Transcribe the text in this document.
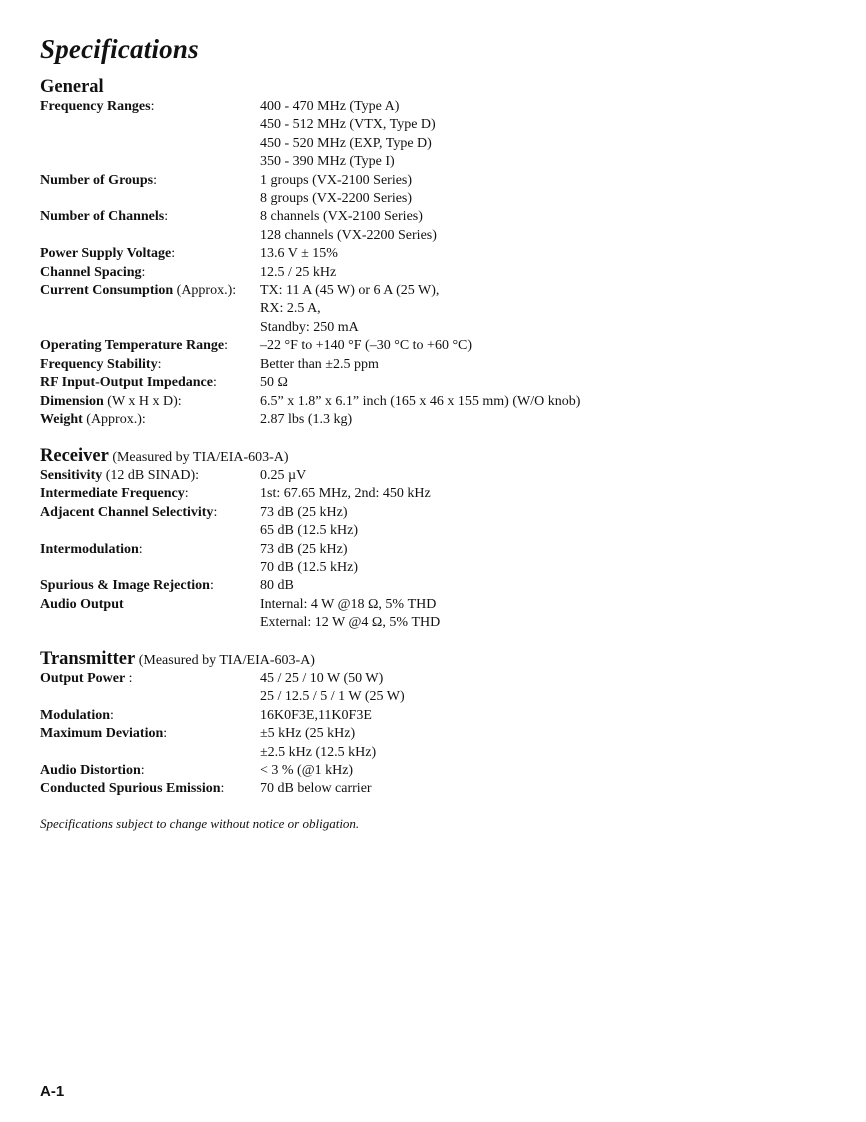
Specifications
General
Frequency Ranges:	400 - 470 MHz (Type A)
450 - 512 MHz (VTX, Type D)
450 - 520 MHz (EXP, Type D)
350 - 390 MHz (Type I)
Number of Groups:	1 groups (VX-2100 Series)
8 groups (VX-2200 Series)
Number of Channels:	8 channels (VX-2100 Series)
128 channels (VX-2200 Series)
Power Supply Voltage:	13.6 V ± 15%
Channel Spacing:	12.5 / 25 kHz
Current Consumption (Approx.):	TX: 11 A (45 W) or 6 A (25 W),
RX: 2.5 A,
Standby: 250 mA
Operating Temperature Range:	–22 °F to +140 °F (–30 °C to +60 °C)
Frequency Stability:	Better than ±2.5 ppm
RF Input-Output Impedance:	50 Ω
Dimension (W x H x D):	6.5” x 1.8” x 6.1” inch (165 x 46 x 155 mm) (W/O knob)
Weight (Approx.):	2.87 lbs (1.3 kg)
Receiver (Measured by TIA/EIA-603-A)
Sensitivity (12 dB SINAD):	0.25 µV
Intermediate Frequency:	1st: 67.65 MHz, 2nd: 450 kHz
Adjacent Channel Selectivity:	73 dB (25 kHz)
65 dB (12.5 kHz)
Intermodulation:	73 dB (25 kHz)
70 dB (12.5 kHz)
Spurious & Image Rejection:	80 dB
Audio Output	Internal: 4 W @18 Ω, 5% THD
External: 12 W @4 Ω, 5% THD
Transmitter (Measured by TIA/EIA-603-A)
Output Power :	45 / 25 / 10 W (50 W)
25 / 12.5 / 5 / 1 W (25 W)
Modulation:	16K0F3E,11K0F3E
Maximum Deviation:	±5 kHz (25 kHz)
±2.5 kHz (12.5 kHz)
Audio Distortion:	< 3 % (@1 kHz)
Conducted Spurious Emission:	70 dB below carrier

Specifications subject to change without notice or obligation.

A-1
